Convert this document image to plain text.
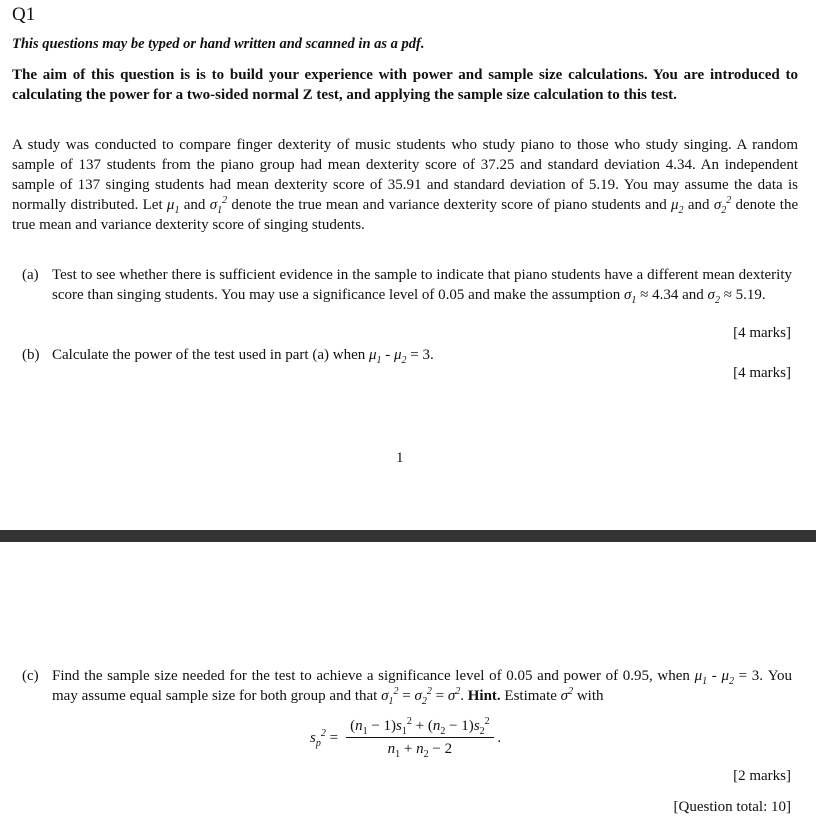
Q1
This questions may be typed or hand written and scanned in as a pdf.
The aim of this question is is to build your experience with power and sample size calculations. You are introduced to calculating the power for a two-sided normal Z test, and applying the sample size calculation to this test.
A study was conducted to compare finger dexterity of music students who study piano to those who study singing. A random sample of 137 students from the piano group had mean dexterity score of 37.25 and standard deviation 4.34. An independent sample of 137 singing students had mean dexterity score of 35.91 and standard deviation of 5.19. You may assume the data is normally distributed. Let $\mu_1$ and $\sigma_1^2$ denote the true mean and variance dexterity score of piano students and $\mu_2$ and $\sigma_2^2$ denote the true mean and variance dexterity score of singing students.
(a) Test to see whether there is sufficient evidence in the sample to indicate that piano students have a different mean dexterity score than singing students. You may use a significance level of 0.05 and make the assumption $\sigma_1 \approx 4.34$ and $\sigma_2 \approx 5.19$.
[4 marks]
(b) Calculate the power of the test used in part (a) when $\mu_1 - \mu_2 = 3$.
[4 marks]
1
(c) Find the sample size needed for the test to achieve a significance level of 0.05 and power of 0.95, when $\mu_1 - \mu_2 = 3$. You may assume equal sample size for both group and that $\sigma_1^2 = \sigma_2^2 = \sigma^2$. Hint. Estimate $\sigma^2$ with
$s_p^2 = \frac{(n_1 - 1)s_1^2 + (n_2 - 1)s_2^2}{n_1 + n_2 - 2}$ .
[2 marks]
[Question total: 10]
